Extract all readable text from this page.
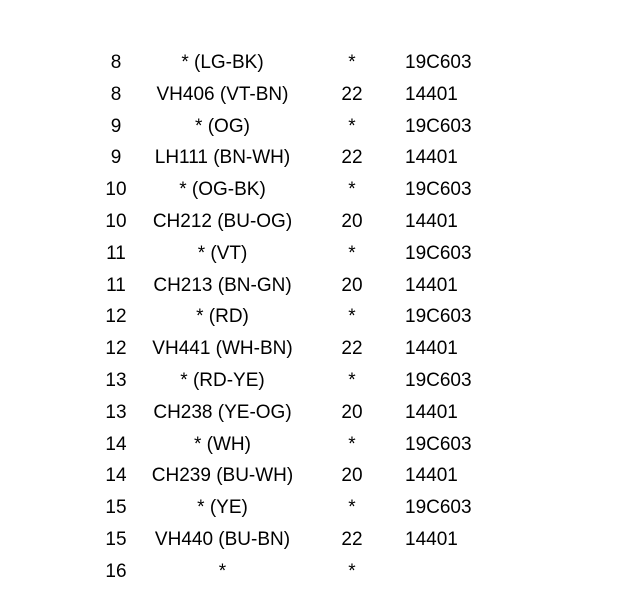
8	* (LG-BK)	*	19C603
8	VH406 (VT-BN)	22	14401
9	* (OG)	*	19C603
9	LH111 (BN-WH)	22	14401
10	* (OG-BK)	*	19C603
10	CH212 (BU-OG)	20	14401
11	* (VT)	*	19C603
11	CH213 (BN-GN)	20	14401
12	* (RD)	*	19C603
12	VH441 (WH-BN)	22	14401
13	* (RD-YE)	*	19C603
13	CH238 (YE-OG)	20	14401
14	* (WH)	*	19C603
14	CH239 (BU-WH)	20	14401
15	* (YE)	*	19C603
15	VH440 (BU-BN)	22	14401
16	*	*
